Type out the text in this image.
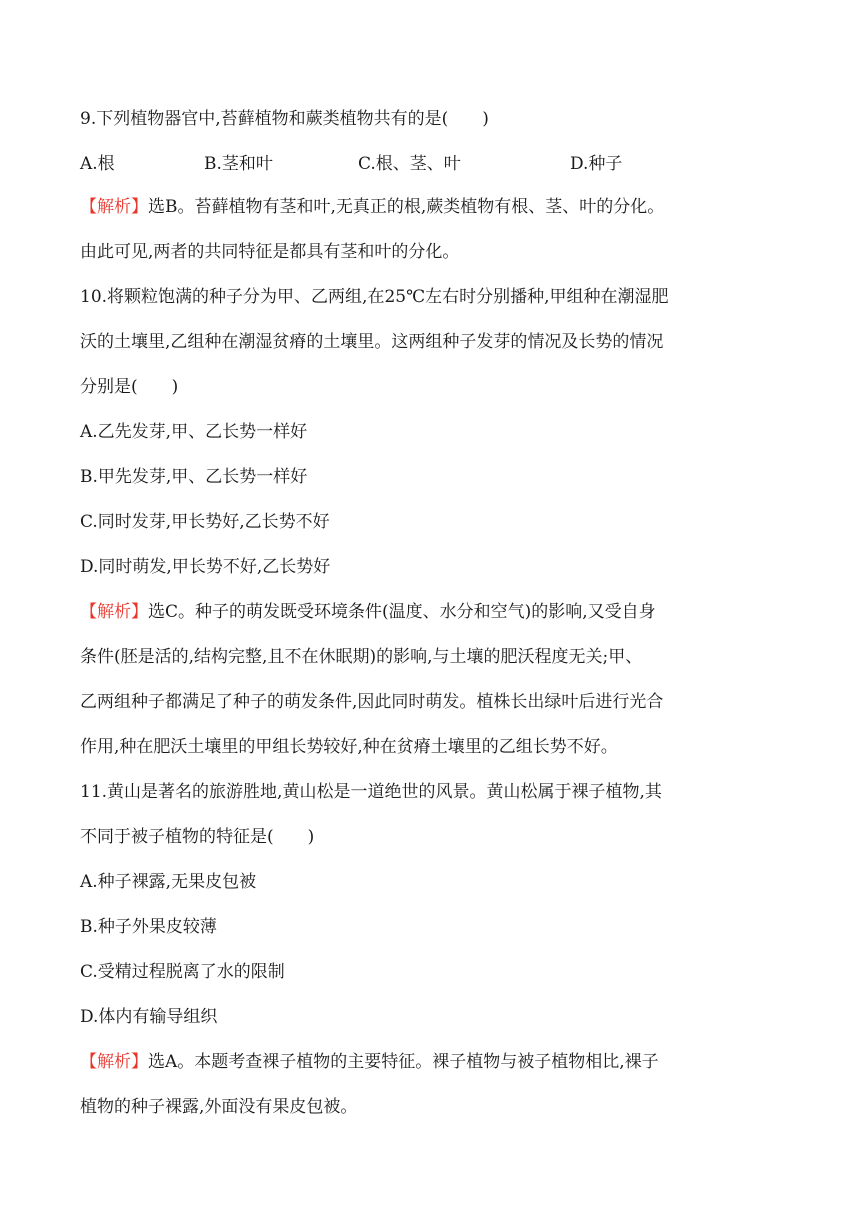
9.下列植物器官中,苔藓植物和蕨类植物共有的是(　　)

A.根	B.茎和叶	C.根、茎、叶	D.种子

【解析】选B。苔藓植物有茎和叶,无真正的根,蕨类植物有根、茎、叶的分化。

由此可见,两者的共同特征是都具有茎和叶的分化。

10.将颗粒饱满的种子分为甲、乙两组,在25℃左右时分别播种,甲组种在潮湿肥

沃的土壤里,乙组种在潮湿贫瘠的土壤里。这两组种子发芽的情况及长势的情况

分别是(　　)

A.乙先发芽,甲、乙长势一样好

B.甲先发芽,甲、乙长势一样好

C.同时发芽,甲长势好,乙长势不好

D.同时萌发,甲长势不好,乙长势好

【解析】选C。种子的萌发既受环境条件(温度、水分和空气)的影响,又受自身

条件(胚是活的,结构完整,且不在休眠期)的影响,与土壤的肥沃程度无关;甲、

乙两组种子都满足了种子的萌发条件,因此同时萌发。植株长出绿叶后进行光合

作用,种在肥沃土壤里的甲组长势较好,种在贫瘠土壤里的乙组长势不好。

11.黄山是著名的旅游胜地,黄山松是一道绝世的风景。黄山松属于裸子植物,其

不同于被子植物的特征是(　　)

A.种子裸露,无果皮包被

B.种子外果皮较薄

C.受精过程脱离了水的限制

D.体内有输导组织

【解析】选A。本题考查裸子植物的主要特征。裸子植物与被子植物相比,裸子

植物的种子裸露,外面没有果皮包被。
